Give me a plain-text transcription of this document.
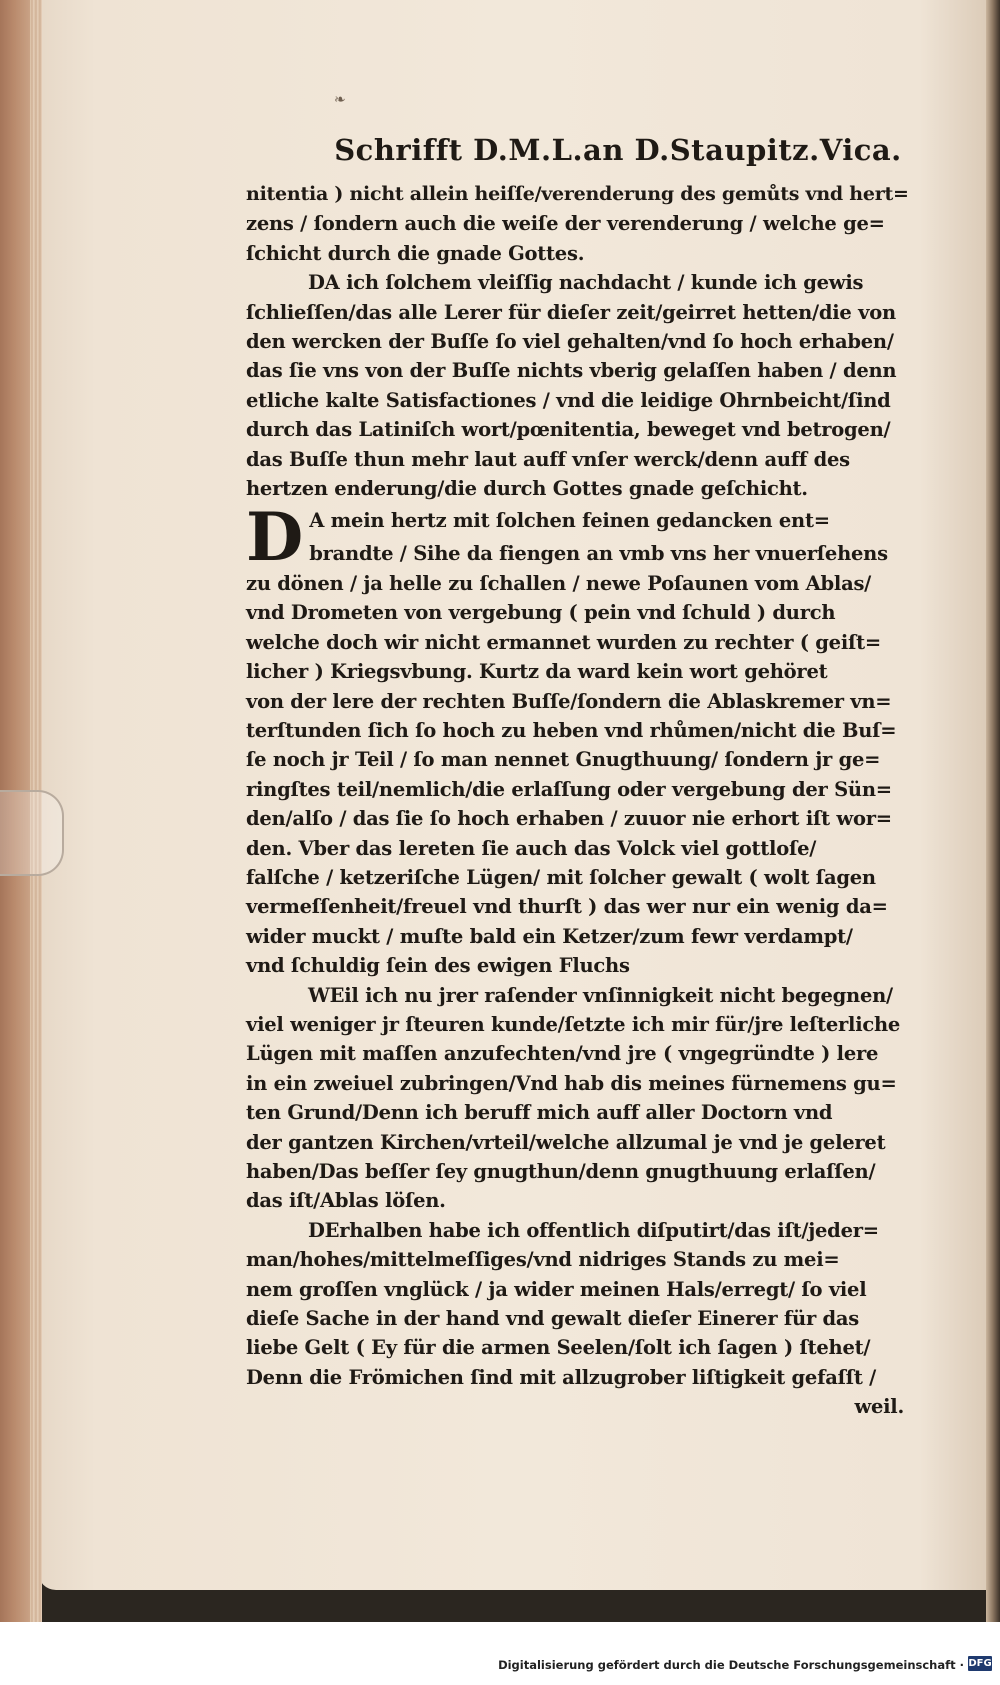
❧
Schrifft D.M.L.an D.Staupitz.Vica.
nitentia ) nicht allein heiſſe/verenderung des gemůts vnd hert=
zens / ſondern auch die weiſe der verenderung / welche ge=
ſchicht durch die gnade Gottes.
DA ich ſolchem vleiſſig nachdacht / kunde ich gewis
ſchlieſſen/das alle Lerer für dieſer zeit/geirret hetten/die von
den wercken der Buſſe ſo viel gehalten/vnd ſo hoch erhaben/
das ſie vns von der Buſſe nichts vberig gelaſſen haben / denn
etliche kalte Satisfactiones / vnd die leidige Ohrnbeicht/ſind
durch das Latiniſch wort/pœnitentia, beweget vnd betrogen/
das Buſſe thun mehr laut auff vnſer werck/denn auff des
hertzen enderung/die durch Gottes gnade geſchicht.
D A mein hertz mit ſolchen feinen gedancken ent=
brandte / Sihe da fiengen an vmb vns her vnuerſehens
zu dönen / ja helle zu ſchallen / newe Poſaunen vom Ablas/
vnd Drometen von vergebung ( pein vnd ſchuld ) durch
welche doch wir nicht ermannet wurden zu rechter ( geiſt=
licher ) Kriegsvbung. Kurtz da ward kein wort gehöret
von der lere der rechten Buſſe/ſondern die Ablaskremer vn=
terſtunden ſich ſo hoch zu heben vnd rhůmen/nicht die Buſ=
ſe noch jr Teil / ſo man nennet Gnugthuung/ ſondern jr ge=
ringſtes teil/nemlich/die erlaſſung oder vergebung der Sün=
den/alſo / das ſie ſo hoch erhaben / zuuor nie erhort iſt wor=
den. Vber das lereten ſie auch das Volck viel gottloſe/
falſche / ketzeriſche Lügen/ mit ſolcher gewalt ( wolt ſagen
vermeſſenheit/freuel vnd thurſt ) das wer nur ein wenig da=
wider muckt / muſte bald ein Ketzer/zum fewr verdampt/
vnd ſchuldig ſein des ewigen Fluchs
WEil ich nu jrer raſender vnſinnigkeit nicht begegnen/
viel weniger jr ſteuren kunde/ſetzte ich mir für/jre leſterliche
Lügen mit maſſen anzufechten/vnd jre ( vngegründte ) lere
in ein zweiuel zubringen/Vnd hab dis meines fürnemens gu=
ten Grund/Denn ich beruff mich auff aller Doctorn vnd
der gantzen Kirchen/vrteil/welche allzumal je vnd je geleret
haben/Das beſſer ſey gnugthun/denn gnugthuung erlaſſen/
das iſt/Ablas löſen.
DErhalben habe ich offentlich diſputirt/das iſt/jeder=
man/hohes/mittelmeſſiges/vnd nidriges Stands zu mei=
nem groſſen vnglück / ja wider meinen Hals/erregt/ ſo viel
dieſe Sache in der hand vnd gewalt dieſer Einerer für das
liebe Gelt ( Ey für die armen Seelen/ſolt ich ſagen ) ſtehet/
Denn die Frömichen ſind mit allzugrober liſtigkeit gefaſſt /
weil.
Digitalisierung gefördert durch die Deutsche Forschungsgemeinschaft · DFG
